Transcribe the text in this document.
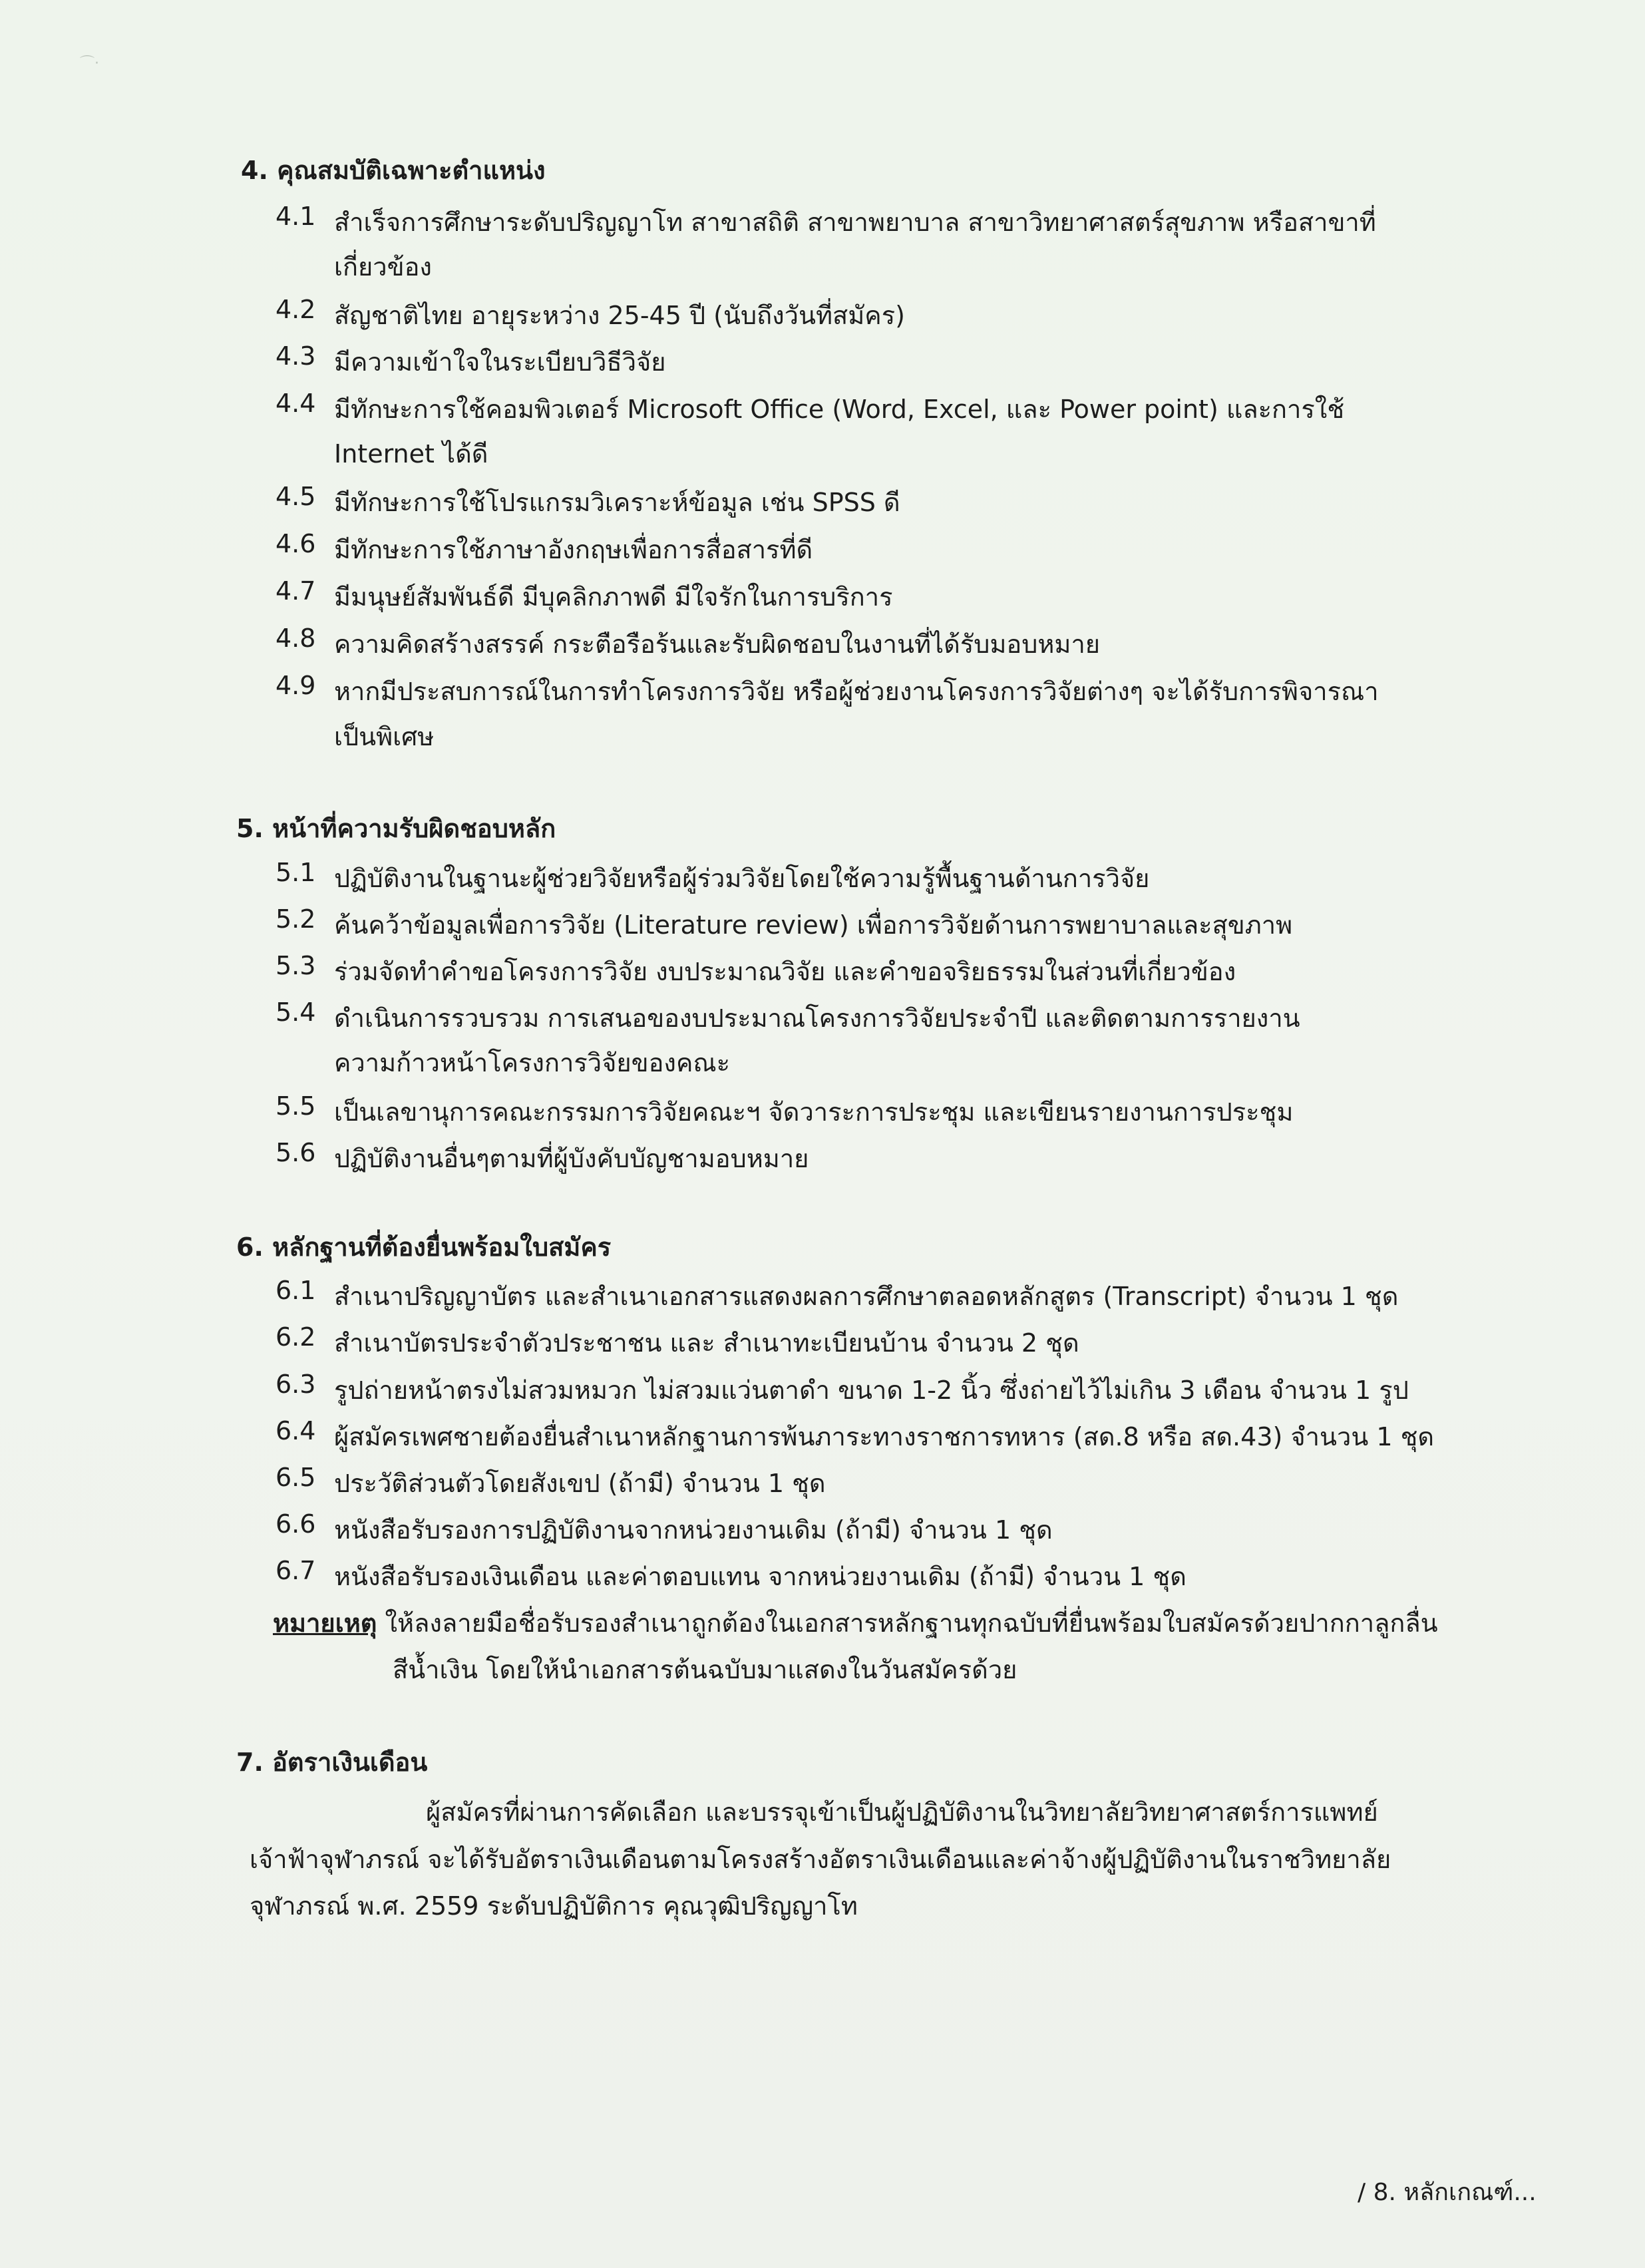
⌒·
4. คุณสมบัติเฉพาะตำแหน่ง
4.1 สำเร็จการศึกษาระดับปริญญาโท สาขาสถิติ สาขาพยาบาล สาขาวิทยาศาสตร์สุขภาพ หรือสาขาที่
เกี่ยวข้อง
4.2 สัญชาติไทย อายุระหว่าง 25-45 ปี (นับถึงวันที่สมัคร)
4.3 มีความเข้าใจในระเบียบวิธีวิจัย
4.4 มีทักษะการใช้คอมพิวเตอร์ Microsoft Office (Word, Excel, และ Power point) และการใช้
Internet ได้ดี
4.5 มีทักษะการใช้โปรแกรมวิเคราะห์ข้อมูล เช่น SPSS ดี
4.6 มีทักษะการใช้ภาษาอังกฤษเพื่อการสื่อสารที่ดี
4.7 มีมนุษย์สัมพันธ์ดี มีบุคลิกภาพดี มีใจรักในการบริการ
4.8 ความคิดสร้างสรรค์ กระตือรือร้นและรับผิดชอบในงานที่ได้รับมอบหมาย
4.9 หากมีประสบการณ์ในการทำโครงการวิจัย หรือผู้ช่วยงานโครงการวิจัยต่างๆ จะได้รับการพิจารณา
เป็นพิเศษ
5. หน้าที่ความรับผิดชอบหลัก
5.1 ปฏิบัติงานในฐานะผู้ช่วยวิจัยหรือผู้ร่วมวิจัยโดยใช้ความรู้พื้นฐานด้านการวิจัย
5.2 ค้นคว้าข้อมูลเพื่อการวิจัย (Literature review) เพื่อการวิจัยด้านการพยาบาลและสุขภาพ
5.3 ร่วมจัดทำคำขอโครงการวิจัย งบประมาณวิจัย และคำขอจริยธรรมในส่วนที่เกี่ยวข้อง
5.4 ดำเนินการรวบรวม การเสนอของบประมาณโครงการวิจัยประจำปี และติดตามการรายงาน
ความก้าวหน้าโครงการวิจัยของคณะ
5.5 เป็นเลขานุการคณะกรรมการวิจัยคณะฯ จัดวาระการประชุม และเขียนรายงานการประชุม
5.6 ปฏิบัติงานอื่นๆตามที่ผู้บังคับบัญชามอบหมาย
6. หลักฐานที่ต้องยื่นพร้อมใบสมัคร
6.1 สำเนาปริญญาบัตร และสำเนาเอกสารแสดงผลการศึกษาตลอดหลักสูตร (Transcript) จำนวน 1 ชุด
6.2 สำเนาบัตรประจำตัวประชาชน และ สำเนาทะเบียนบ้าน จำนวน 2 ชุด
6.3 รูปถ่ายหน้าตรงไม่สวมหมวก ไม่สวมแว่นตาดำ ขนาด 1-2 นิ้ว ซึ่งถ่ายไว้ไม่เกิน 3 เดือน จำนวน 1 รูป
6.4 ผู้สมัครเพศชายต้องยื่นสำเนาหลักฐานการพ้นภาระทางราชการทหาร (สด.8 หรือ สด.43) จำนวน 1 ชุด
6.5 ประวัติส่วนตัวโดยสังเขป (ถ้ามี) จำนวน 1 ชุด
6.6 หนังสือรับรองการปฏิบัติงานจากหน่วยงานเดิม (ถ้ามี) จำนวน 1 ชุด
6.7 หนังสือรับรองเงินเดือน และค่าตอบแทน จากหน่วยงานเดิม (ถ้ามี) จำนวน 1 ชุด
หมายเหตุ ให้ลงลายมือชื่อรับรองสำเนาถูกต้องในเอกสารหลักฐานทุกฉบับที่ยื่นพร้อมใบสมัครด้วยปากกาลูกลื่น
สีน้ำเงิน โดยให้นำเอกสารต้นฉบับมาแสดงในวันสมัครด้วย
7. อัตราเงินเดือน
ผู้สมัครที่ผ่านการคัดเลือก และบรรจุเข้าเป็นผู้ปฏิบัติงานในวิทยาลัยวิทยาศาสตร์การแพทย์
เจ้าฟ้าจุฬาภรณ์ จะได้รับอัตราเงินเดือนตามโครงสร้างอัตราเงินเดือนและค่าจ้างผู้ปฏิบัติงานในราชวิทยาลัย
จุฬาภรณ์ พ.ศ. 2559 ระดับปฏิบัติการ คุณวุฒิปริญญาโท
/ 8. หลักเกณฑ์...
